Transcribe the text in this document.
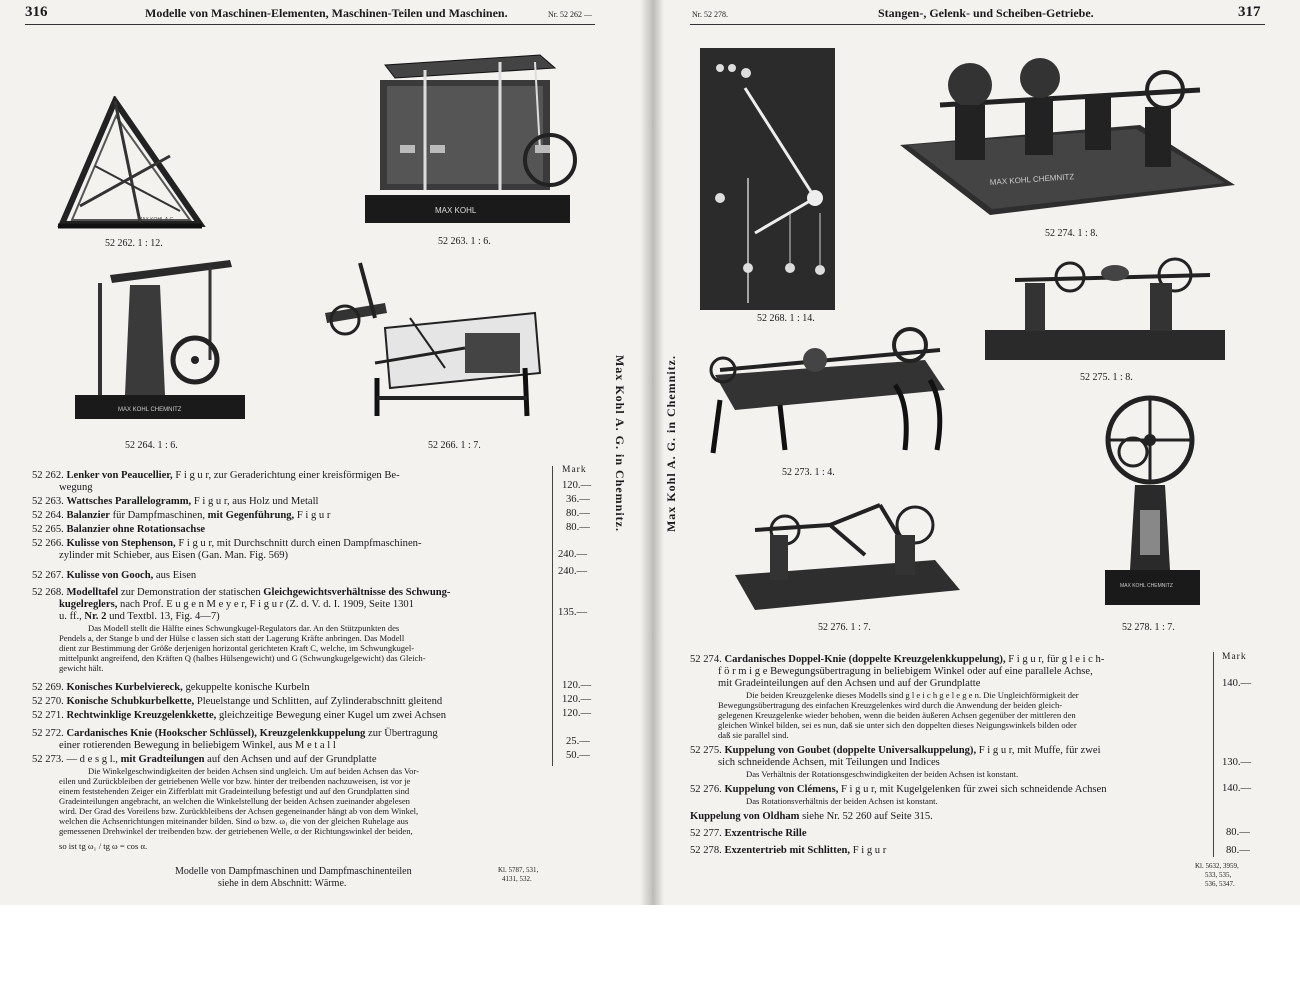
316	Modelle von Maschinen-Elementen, Maschinen-Teilen und Maschinen.	Nr. 52 262 —
MAX KOHL A.G.
52 262. 1 : 12.
MAX KOHL
52 263. 1 : 6.
MAX KOHL CHEMNITZ
52 264. 1 : 6.	52 266. 1 : 7.
Mark
52 262. Lenker von Peaucellier, F i g u r, zur Geraderichtung einer kreisförmigen Be-
wegung	120.—
52 263. Wattsches Parallelogramm, F i g u r, aus Holz und Metall	36.—
52 264. Balanzier für Dampfmaschinen, mit Gegenführung, F i g u r	80.—
52 265. Balanzier ohne Rotationsachse	80.—
52 266. Kulisse von Stephenson, F i g u r, mit Durchschnitt durch einen Dampfmaschinen-
zylinder mit Schieber, aus Eisen (Gan. Man. Fig. 569)	240.—
52 267. Kulisse von Gooch, aus Eisen	240.—
52 268. Modelltafel zur Demonstration der statischen Gleichgewichtsverhältnisse des Schwung-
kugelreglers, nach Prof. E u g e n M e y e r, F i g u r (Z. d. V. d. I. 1909, Seite 1301
u. ff., Nr. 2 und Textbl. 13, Fig. 4—7)	135.—
Das Modell stellt die Hälfte eines Schwungkugel-Regulators dar. An den Stützpunkten des
Pendels a, der Stange b und der Hülse c lassen sich statt der Lagerung Kräfte anbringen. Das Modell
dient zur Bestimmung der Größe derjenigen horizontal gerichteten Kraft C, welche, im Schwungkugel-
mittelpunkt angreifend, den Kräften Q (halbes Hülsengewicht) und G (Schwungkugelgewicht) das Gleich-
gewicht hält.
52 269. Konisches Kurbelviereck, gekuppelte konische Kurbeln	120.—
52 270. Konische Schubkurbelkette, Pleuelstange und Schlitten, auf Zylinderabschnitt gleitend	120.—
52 271. Rechtwinklige Kreuzgelenkkette, gleichzeitige Bewegung einer Kugel um zwei Achsen	120.—
52 272. Cardanisches Knie (Hookscher Schlüssel), Kreuzgelenkkuppelung zur Übertragung
einer rotierenden Bewegung in beliebigem Winkel, aus M e t a l l	25.—
52 273. — d e s g l., mit Gradteilungen auf den Achsen und auf der Grundplatte	50.—
Die Winkelgeschwindigkeiten der beiden Achsen sind ungleich. Um auf beiden Achsen das Vor-
eilen und Zurückbleiben der getriebenen Welle vor bzw. hinter der treibenden nachzuweisen, ist vor je
einem feststehenden Zeiger ein Zifferblatt mit Gradeinteilung befestigt und auf den Grundplatten sind
Gradeinteilungen angebracht, an welchen die Winkelstellung der beiden Achsen zueinander abgelesen
wird. Der Grad des Voreilens bzw. Zurückbleibens der Achsen gegeneinander hängt ab von dem Winkel,
welchen die Achsenrichtungen miteinander bilden. Sind ω bzw. ω₁ die von der gleichen Ruhelage aus
gemessenen Drehwinkel der treibenden bzw. der getriebenen Welle, α der Richtungswinkel der beiden,
so ist tg ω₁ / tg ω = cos α.
Modelle von Dampfmaschinen und Dampfmaschinenteilen
siehe in dem Abschnitt: Wärme.
Kl. 5787, 531,
4131, 532.
Max Kohl A. G. in Chemnitz.	Max Kohl A. G. in Chemnitz.
Nr. 52 278.	Stangen-, Gelenk- und Scheiben-Getriebe.	317
52 268. 1 : 14.
MAX KOHL CHEMNITZ
52 274. 1 : 8.
52 275. 1 : 8.
52 273. 1 : 4.
52 276. 1 : 7.
MAX KOHL CHEMNITZ
52 278. 1 : 7.
Mark
52 274. Cardanisches Doppel-Knie (doppelte Kreuzgelenkkuppelung), F i g u r, für g l e i c h-
f ö r m i g e Bewegungsübertragung in beliebigem Winkel oder auf eine parallele Achse,
mit Gradeinteilungen auf den Achsen und auf der Grundplatte	140.—
Die beiden Kreuzgelenke dieses Modells sind g l e i c h g e l e g e n. Die Ungleichförmigkeit der
Bewegungsübertragung des einfachen Kreuzgelenkes wird durch die Anwendung der beiden gleich-
gelegenen Kreuzgelenke wieder behoben, wenn die beiden äußeren Achsen gegenüber der mittleren den
gleichen Winkel bilden, sei es nun, daß sie unter sich den doppelten dieses Neigungswinkels bilden oder
daß sie parallel sind.
52 275. Kuppelung von Goubet (doppelte Universalkuppelung), F i g u r, mit Muffe, für zwei
sich schneidende Achsen, mit Teilungen und Indices	130.—
Das Verhältnis der Rotationsgeschwindigkeiten der beiden Achsen ist konstant.
52 276. Kuppelung von Clémens, F i g u r, mit Kugelgelenken für zwei sich schneidende Achsen	140.—
Das Rotationsverhältnis der beiden Achsen ist konstant.
Kuppelung von Oldham siehe Nr. 52 260 auf Seite 315.
52 277. Exzentrische Rille	80.—
52 278. Exzentertrieb mit Schlitten, F i g u r	80.—
Kl. 5632, 3959,
533, 535,
536, 5347.
